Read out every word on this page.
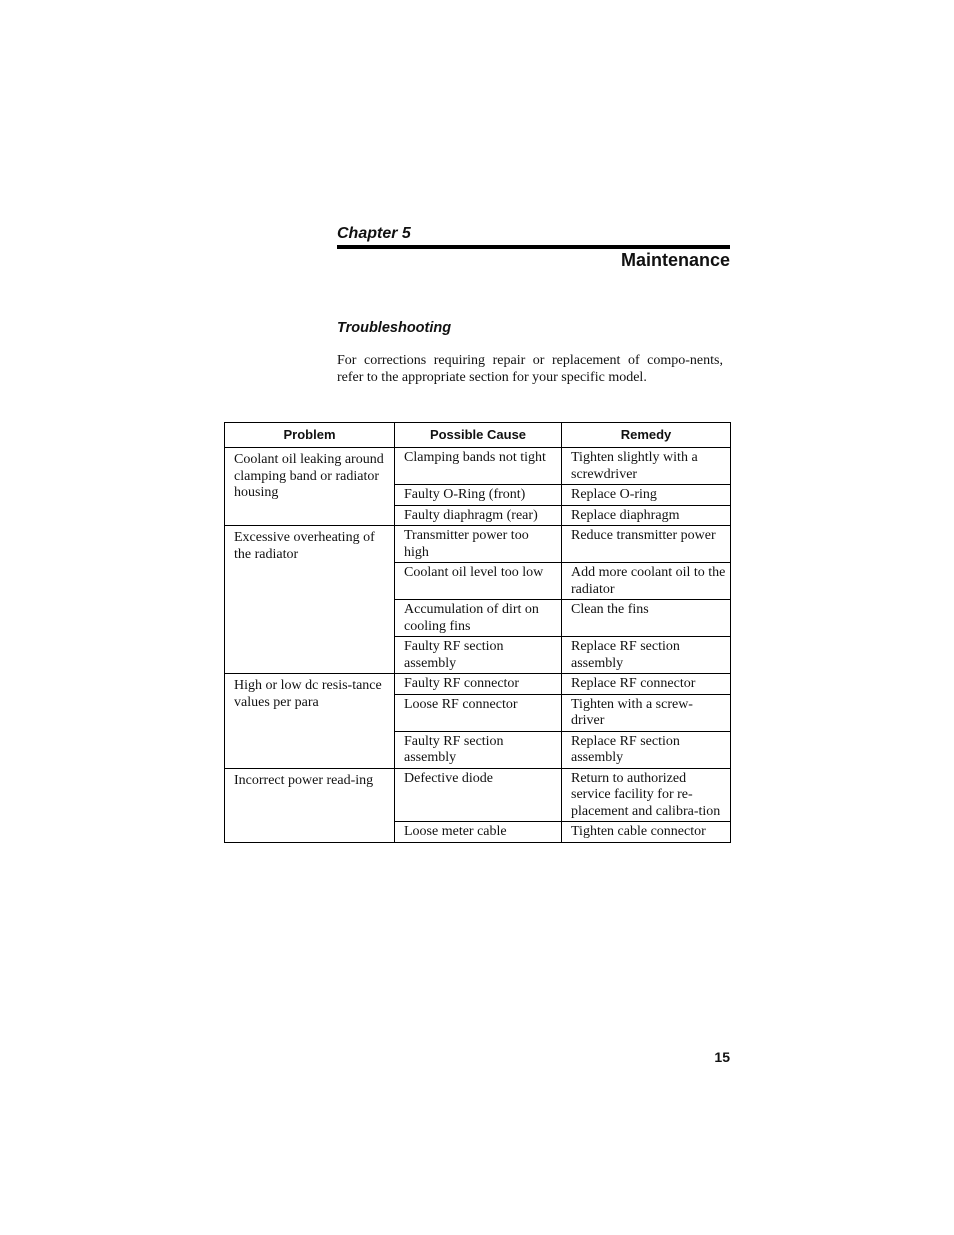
Chapter 5
Maintenance
Troubleshooting
For corrections requiring repair or replacement of compo-nents, refer to the appropriate section for your specific model.
Problem	Possible Cause	Remedy
Coolant oil leaking around clamping band or radiator housing	Clamping bands not tight	Tighten slightly with a screwdriver
	Faulty O-Ring (front)	Replace O-ring
	Faulty diaphragm (rear)	Replace diaphragm
Excessive overheating of the radiator	Transmitter power too high	Reduce transmitter power
	Coolant oil level too low	Add more coolant oil to the radiator
	Accumulation of dirt on cooling fins	Clean the fins
	Faulty RF section assembly	Replace RF section assembly
High or low dc resis-tance values per para	Faulty RF connector	Replace RF connector
	Loose RF connector	Tighten with a screw-driver
	Faulty RF section assembly	Replace RF section assembly
Incorrect power read-ing	Defective diode	Return to authorized service facility for re-placement and calibra-tion
	Loose meter cable	Tighten cable connector
15
